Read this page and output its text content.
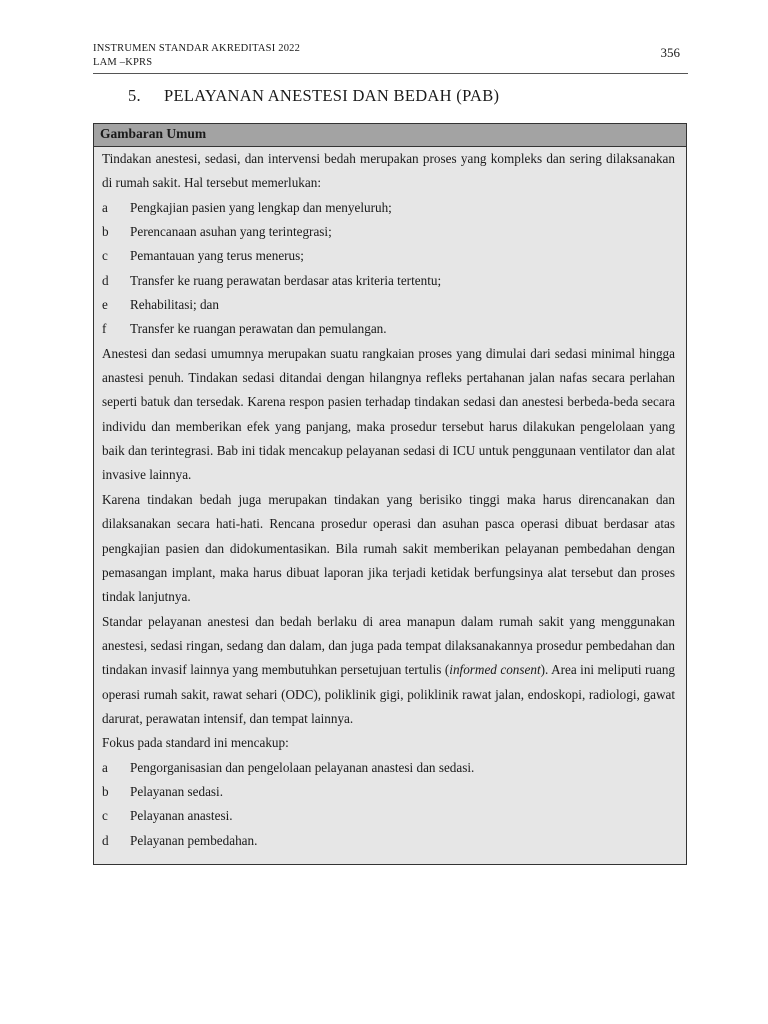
INSTRUMEN STANDAR AKREDITASI 2022
LAM –KPRS
356
5. PELAYANAN ANESTESI DAN BEDAH (PAB)
Gambaran Umum

Tindakan anestesi, sedasi, dan intervensi bedah merupakan proses yang kompleks dan sering dilaksanakan di rumah sakit. Hal tersebut memerlukan:

a	Pengkajian pasien yang lengkap dan menyeluruh;
b	Perencanaan asuhan yang terintegrasi;
c	Pemantauan yang terus menerus;
d	Transfer ke ruang perawatan berdasar atas kriteria tertentu;
e	Rehabilitasi; dan
f	Transfer ke ruangan perawatan dan pemulangan.

Anestesi dan sedasi umumnya merupakan suatu rangkaian proses yang dimulai dari sedasi minimal hingga anastesi penuh. Tindakan sedasi ditandai dengan hilangnya refleks pertahanan jalan nafas secara perlahan seperti batuk dan tersedak. Karena respon pasien terhadap tindakan sedasi dan anestesi berbeda-beda secara individu dan memberikan efek yang panjang, maka prosedur tersebut harus dilakukan pengelolaan yang baik dan terintegrasi. Bab ini tidak mencakup pelayanan sedasi di ICU untuk penggunaan ventilator dan alat invasive lainnya.

Karena tindakan bedah juga merupakan tindakan yang berisiko tinggi maka harus direncanakan dan dilaksanakan secara hati-hati. Rencana prosedur operasi dan asuhan pasca operasi dibuat berdasar atas pengkajian pasien dan didokumentasikan. Bila rumah sakit memberikan pelayanan pembedahan dengan pemasangan implant, maka harus dibuat laporan jika terjadi ketidak berfungsinya alat tersebut dan proses tindak lanjutnya.

Standar pelayanan anestesi dan bedah berlaku di area manapun dalam rumah sakit yang menggunakan anestesi, sedasi ringan, sedang dan dalam, dan juga pada tempat dilaksanakannya prosedur pembedahan dan tindakan invasif lainnya yang membutuhkan persetujuan tertulis (informed consent). Area ini meliputi ruang operasi rumah sakit, rawat sehari (ODC), poliklinik gigi, poliklinik rawat jalan, endoskopi, radiologi, gawat darurat, perawatan intensif, dan tempat lainnya.

Fokus pada standard ini mencakup:

a	Pengorganisasian dan pengelolaan pelayanan anastesi dan sedasi.
b	Pelayanan sedasi.
c	Pelayanan anastesi.
d	Pelayanan pembedahan.
